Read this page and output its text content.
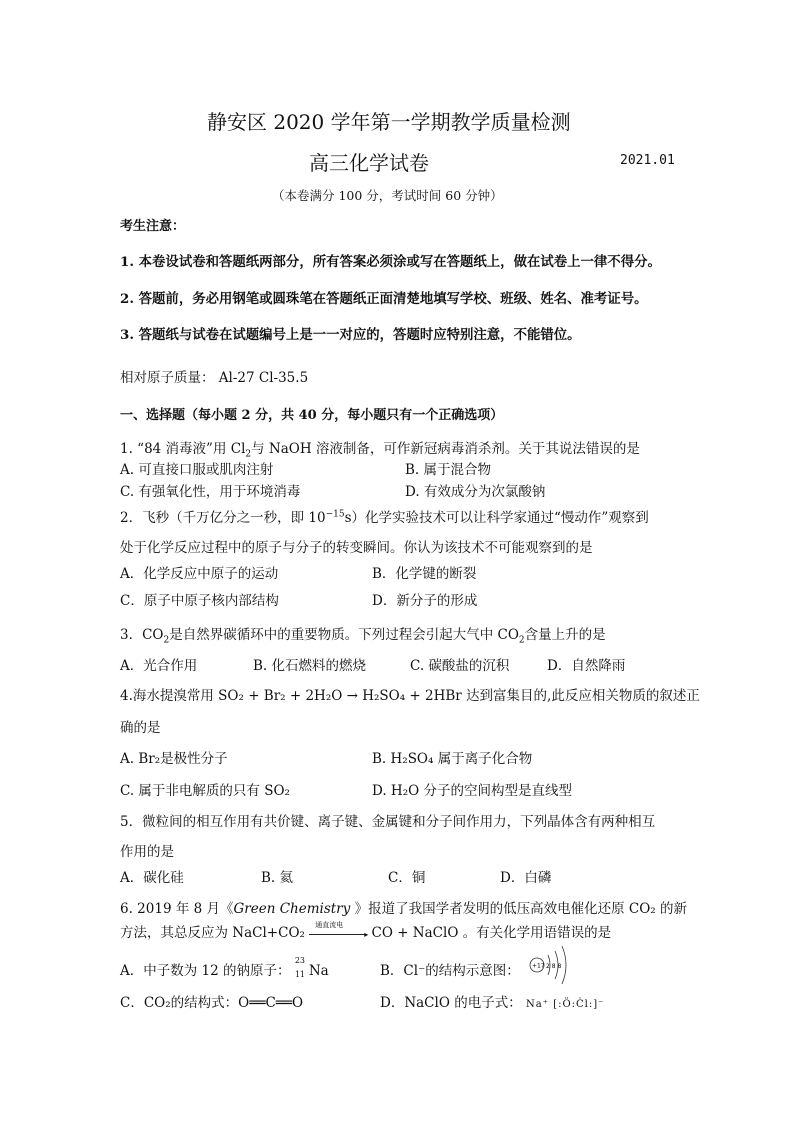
静安区 2020 学年第一学期教学质量检测
高三化学试卷	2021.01
（本卷满分 100 分，考试时间 60 分钟）
考生注意：
1. 本卷设试卷和答题纸两部分，所有答案必须涂或写在答题纸上，做在试卷上一律不得分。
2. 答题前，务必用钢笔或圆珠笔在答题纸正面清楚地填写学校、班级、姓名、准考证号。
3. 答题纸与试卷在试题编号上是一一对应的，答题时应特别注意，不能错位。
相对原子质量： Al-27 Cl-35.5
一、选择题（每小题 2 分，共 40 分，每小题只有一个正确选项）
1. “84 消毒液”用 $Cl_2$与 NaOH 溶液制备，可作新冠病毒消杀剂。关于其说法错误的是
A. 可直接口服或肌肉注射	B. 属于混合物
C. 有强氧化性，用于环境消毒	D. 有效成分为次氯酸钠
2．飞秒（千万亿分之一秒，即 $10^{-15}s$）化学实验技术可以让科学家通过“慢动作”观察到
处于化学反应过程中的原子与分子的转变瞬间。你认为该技术不可能观察到的是
A．化学反应中原子的运动	B．化学键的断裂
C．原子中原子核内部结构	D．新分子的形成
3．$CO_2$是自然界碳循环中的重要物质。下列过程会引起大气中 $CO_2$含量上升的是
A．光合作用	B. 化石燃料的燃烧	C. 碳酸盐的沉积	D．自然降雨
4.海水提溴常用 SO₂ + Br₂ + 2H₂O → H₂SO₄ + 2HBr 达到富集目的,此反应相关物质的叙述正
确的是
A. Br₂是极性分子	B. H₂SO₄ 属于离子化合物
C. 属于非电解质的只有 SO₂	D. H₂O 分子的空间构型是直线型
5．微粒间的相互作用有共价键、离子键、金属键和分子间作用力，下列晶体含有两种相互
作用的是
A．碳化硅	B. 氦	C．铜	D．白磷
6. 2019 年 8 月《Green Chemistry 》报道了我国学者发明的低压高效电催化还原 CO₂ 的新
方法，其总反应为 NaCl+CO₂
通直流电
▸ CO + NaClO 。有关化学用语错误的是
A．中子数为 12 的钠原子：
23
11 Na	B．Cl⁻的结构示意图： +17 2 8 8
C．CO₂的结构式：O══C══O	D．NaClO 的电子式： Na⁺ [:Ö:Ċl:]⁻
